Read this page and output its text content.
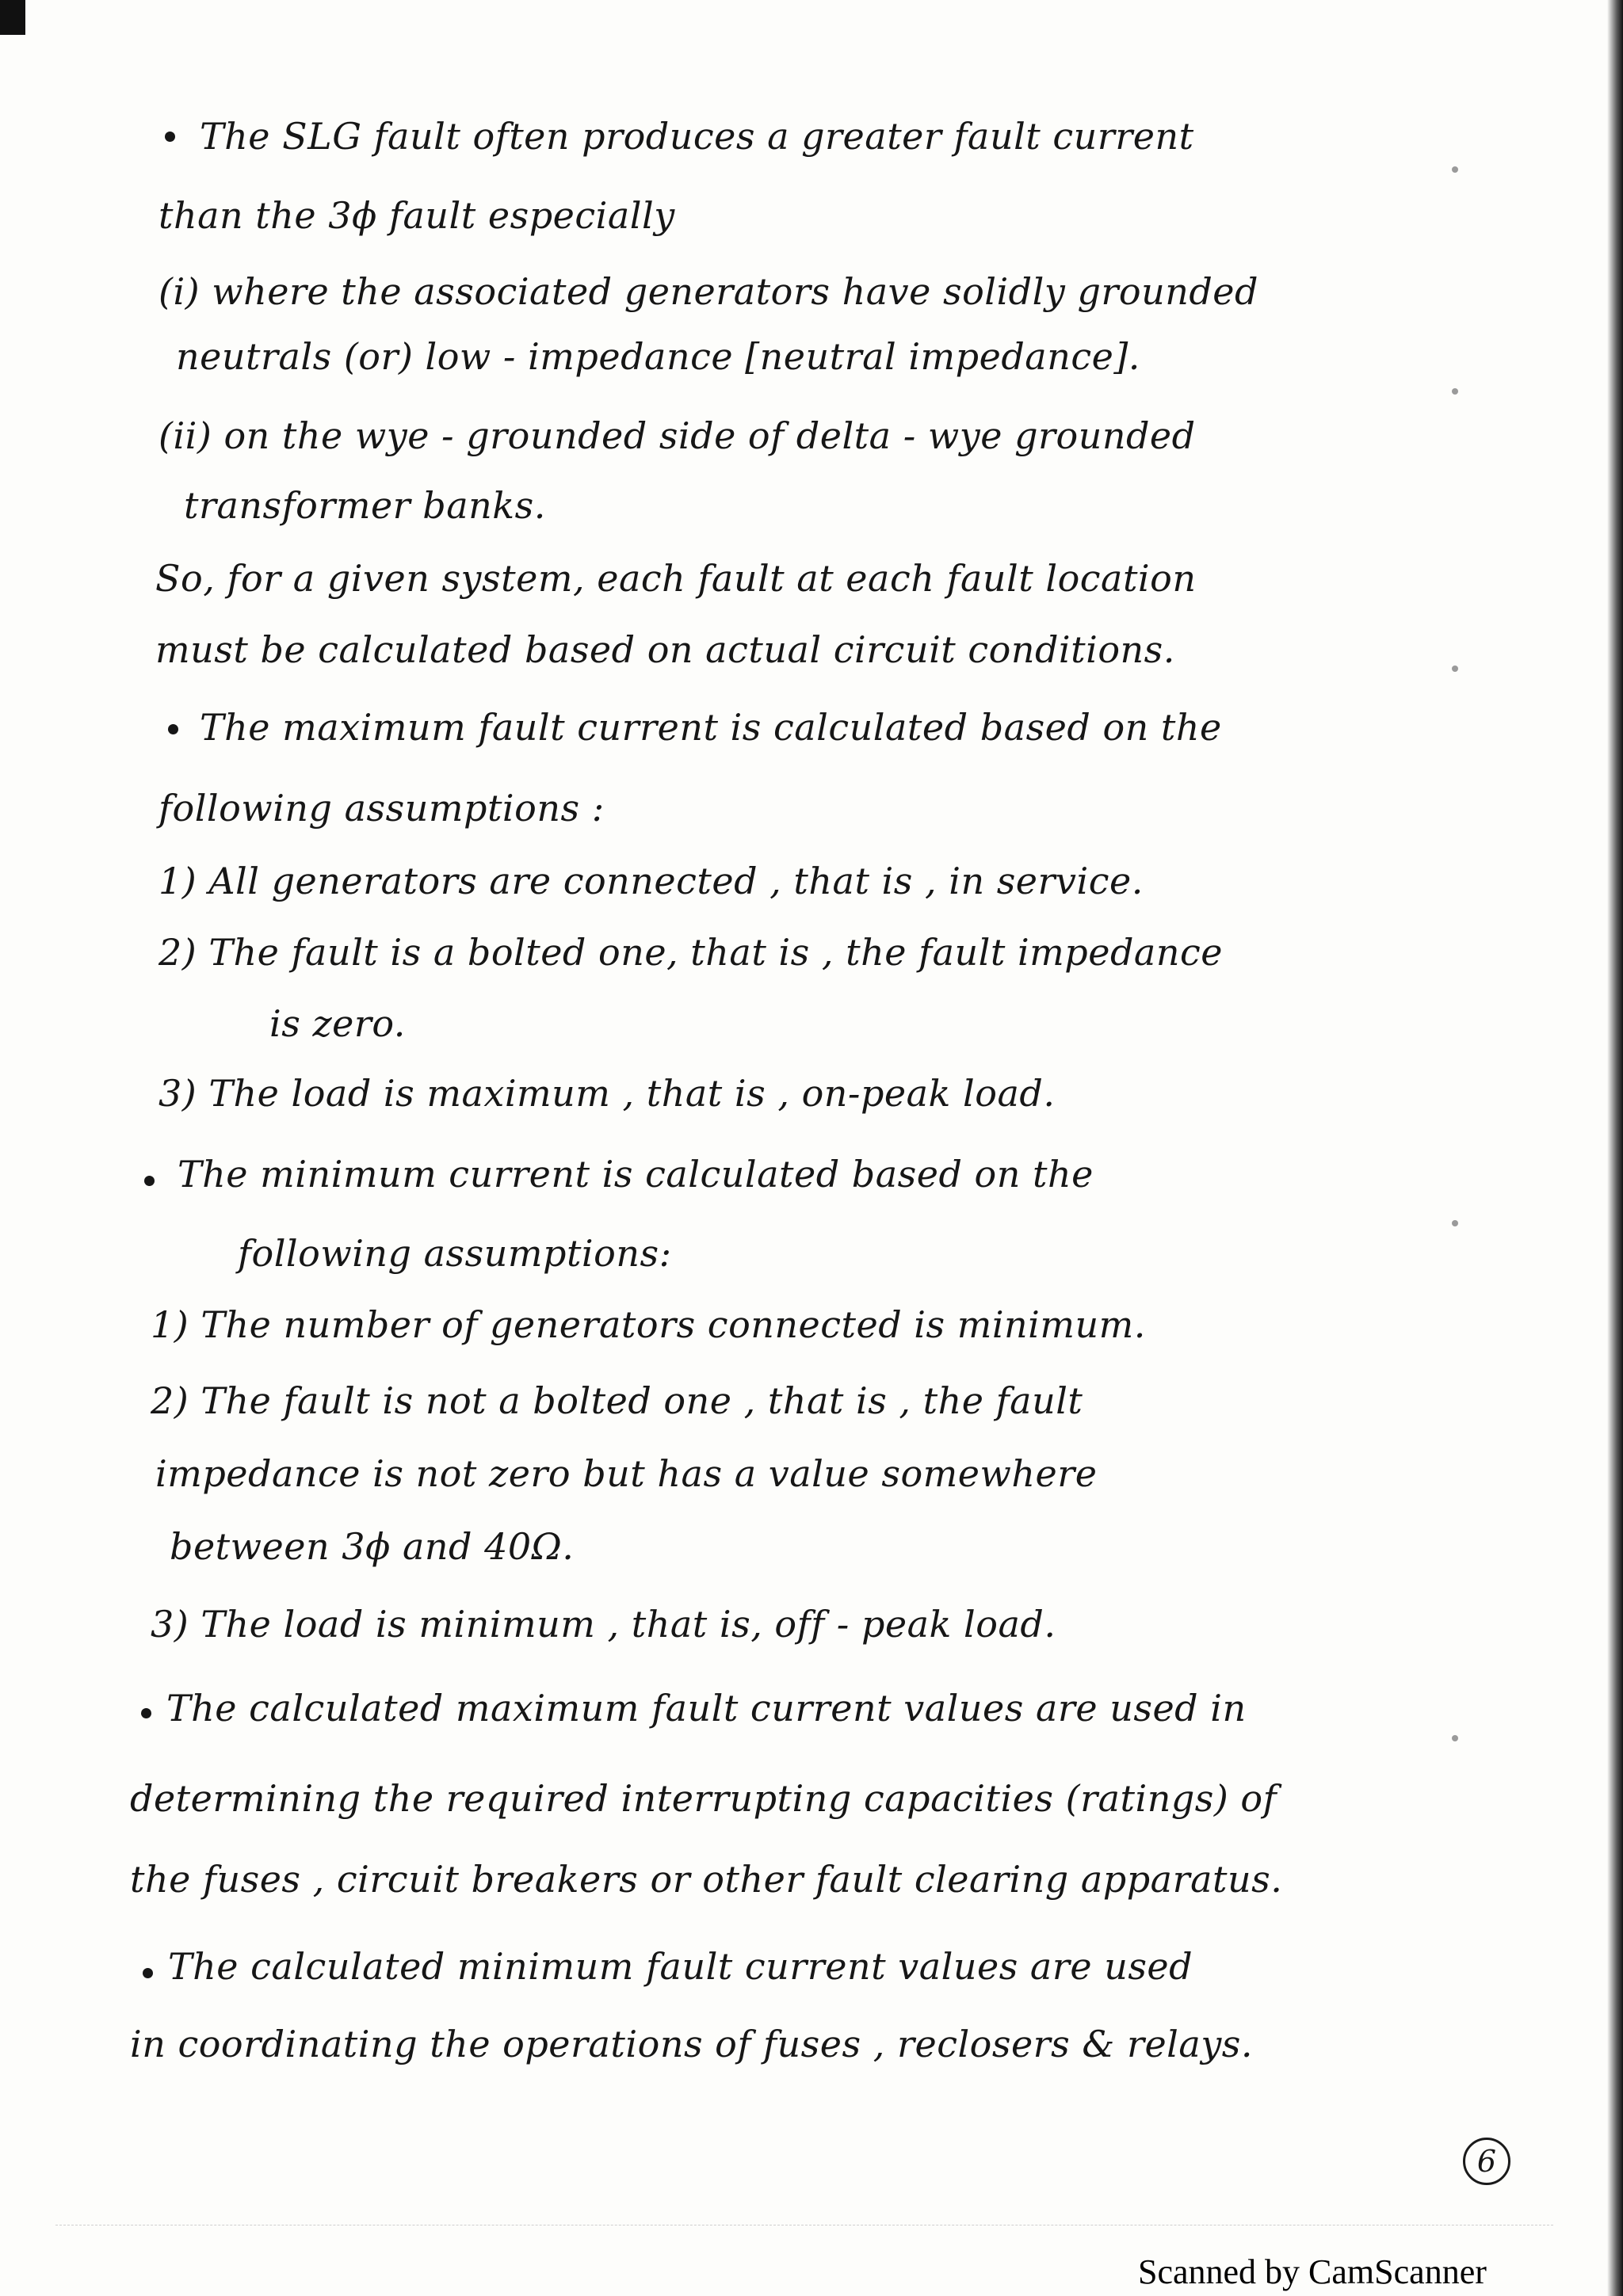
The SLG fault often produces a greater fault current
than the 3ϕ fault especially
(i) where the associated generators have solidly grounded
neutrals (or) low - impedance [neutral impedance].
(ii) on the wye - grounded side of delta - wye grounded
transformer banks.
So, for a given system, each fault at each fault location
must be calculated based on actual circuit conditions.
The maximum fault current is calculated based on the
following assumptions :
1) All generators are connected , that is , in service.
2) The fault is a bolted one, that is , the fault impedance
is zero.
3) The load is maximum , that is , on-peak load.
The minimum current is calculated based on the
following assumptions:
1) The number of generators connected is minimum.
2) The fault is not a bolted one , that is , the fault
impedance is not zero but has a value somewhere
between 3ϕ and 40Ω.
3) The load is minimum , that is, off - peak load.
The calculated maximum fault current values are used in
determining the required interrupting capacities (ratings) of
the fuses , circuit breakers or other fault clearing apparatus.
The calculated minimum fault current values are used
in coordinating the operations of fuses , reclosers & relays.
6
Scanned by CamScanner
